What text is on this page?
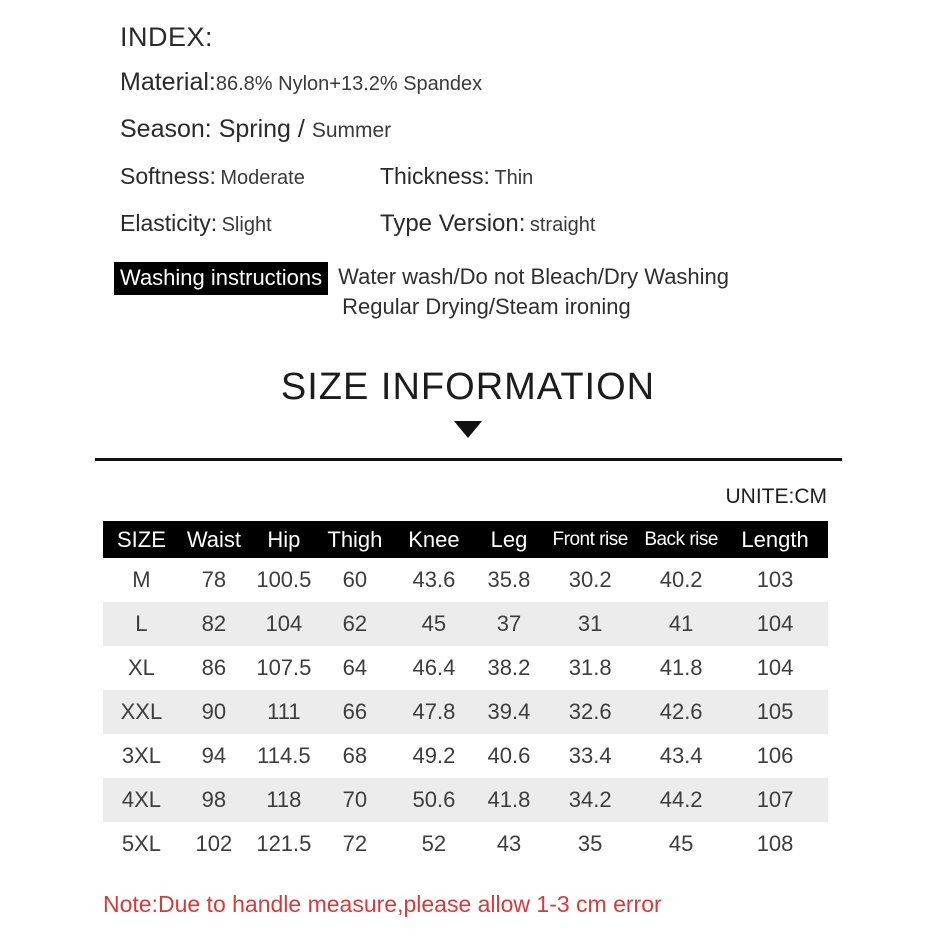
INDEX:
Material:86.8% Nylon+13.2% Spandex
Season: Spring / Summer
Softness: Moderate	Thickness: Thin
Elasticity: Slight	Type Version: straight
Washing instructions Water wash/Do not Bleach/Dry Washing
Regular Drying/Steam ironing
SIZE INFORMATION
UNITE:CM
SIZE	Waist	Hip	Thigh	Knee	Leg	Front rise	Back rise	Length
M	78	100.5	60	43.6	35.8	30.2	40.2	103
L	82	104	62	45	37	31	41	104
XL	86	107.5	64	46.4	38.2	31.8	41.8	104
XXL	90	111	66	47.8	39.4	32.6	42.6	105
3XL	94	114.5	68	49.2	40.6	33.4	43.4	106
4XL	98	118	70	50.6	41.8	34.2	44.2	107
5XL	102	121.5	72	52	43	35	45	108
Note:Due to handle measure,please allow 1-3 cm error
